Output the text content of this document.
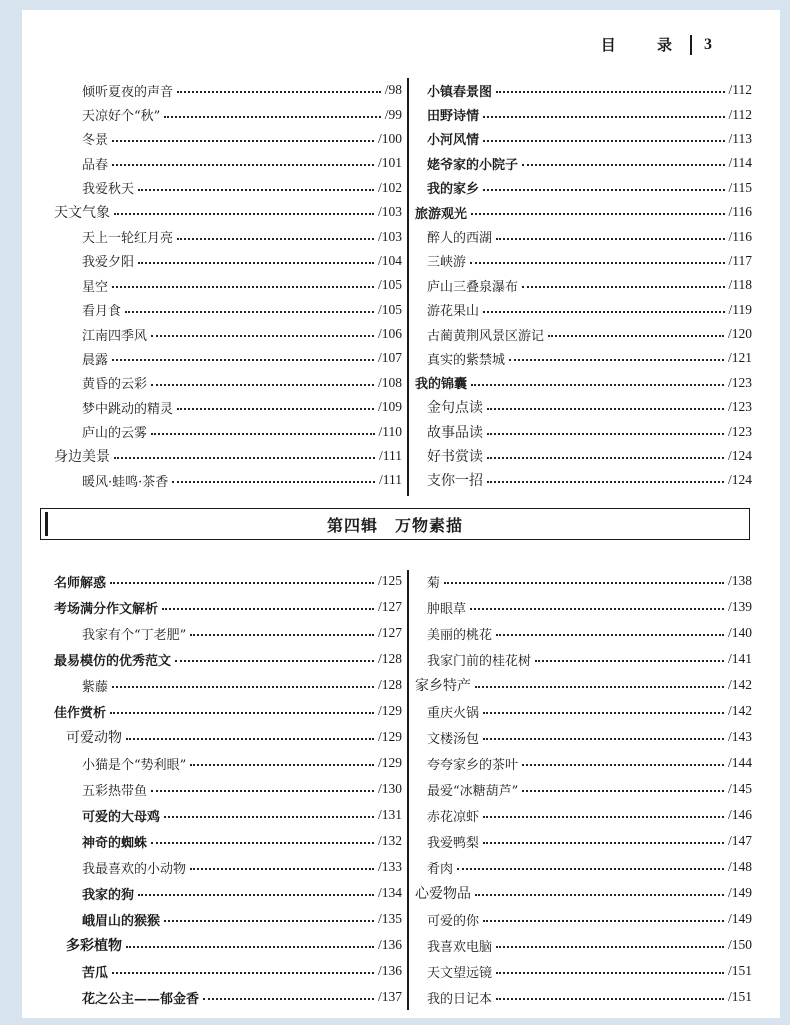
目 录 3
倾听夏夜的声音	/98
天凉好个“秋”	/99
冬景	/100
品春	/101
我爱秋天	/102
天文气象	/103
天上一轮红月亮	/103
我爱夕阳	/104
星空	/105
看月食	/105
江南四季风	/106
晨露	/107
黄昏的云彩	/108
梦中跳动的精灵	/109
庐山的云雾	/110
身边美景	/111
暖风·蛙鸣·茶香	/111
小镇春景图	/112
田野诗情	/112
小河风情	/113
姥爷家的小院子	/114
我的家乡	/115
旅游观光	/116
醉人的西湖	/116
三峡游	/117
庐山三叠泉瀑布	/118
游花果山	/119
古蔺黄荆风景区游记	/120
真实的紫禁城	/121
我的锦囊	/123
金句点读	/123
故事品读	/123
好书赏读	/124
支你一招	/124
第四辑　万物素描
名师解惑	/125
考场满分作文解析	/127
我家有个“丁老肥”	/127
最易模仿的优秀范文	/128
紫藤	/128
佳作赏析	/129
可爱动物	/129
小猫是个“势利眼”	/129
五彩热带鱼	/130
可爱的大母鸡	/131
神奇的蜘蛛	/132
我最喜欢的小动物	/133
我家的狗	/134
峨眉山的猴猴	/135
多彩植物	/136
苦瓜	/136
花之公主——郁金香	/137
菊	/138
肿眼草	/139
美丽的桃花	/140
我家门前的桂花树	/141
家乡特产	/142
重庆火锅	/142
文楼汤包	/143
夸夸家乡的茶叶	/144
最爱“冰糖葫芦”	/145
赤花凉虾	/146
我爱鸭梨	/147
肴肉	/148
心爱物品	/149
可爱的你	/149
我喜欢电脑	/150
天文望远镜	/151
我的日记本	/151
